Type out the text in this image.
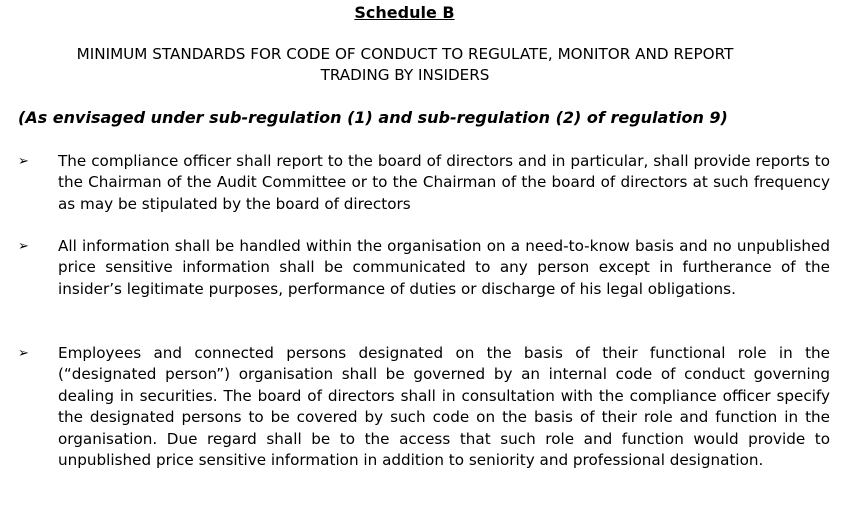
Schedule B
MINIMUM STANDARDS FOR CODE OF CONDUCT TO REGULATE, MONITOR AND REPORT
TRADING BY INSIDERS
(As envisaged under sub-regulation (1) and sub-regulation (2) of regulation 9)
➢ The compliance officer shall report to the board of directors and in particular, shall provide reports to the Chairman of the Audit Committee or to the Chairman of the board of directors at such frequency as may be stipulated by the board of directors
➢ All information shall be handled within the organisation on a need-to-know basis and no unpublished price sensitive information shall be communicated to any person except in furtherance of the insider’s legitimate purposes, performance of duties or discharge of his legal obligations.
➢ Employees and connected persons designated on the basis of their functional role in the (“designated person”) organisation shall be governed by an internal code of conduct governing dealing in securities. The board of directors shall in consultation with the compliance officer specify the designated persons to be covered by such code on the basis of their role and function in the organisation. Due regard shall be to the access that such role and function would provide to unpublished price sensitive information in addition to seniority and professional designation.
